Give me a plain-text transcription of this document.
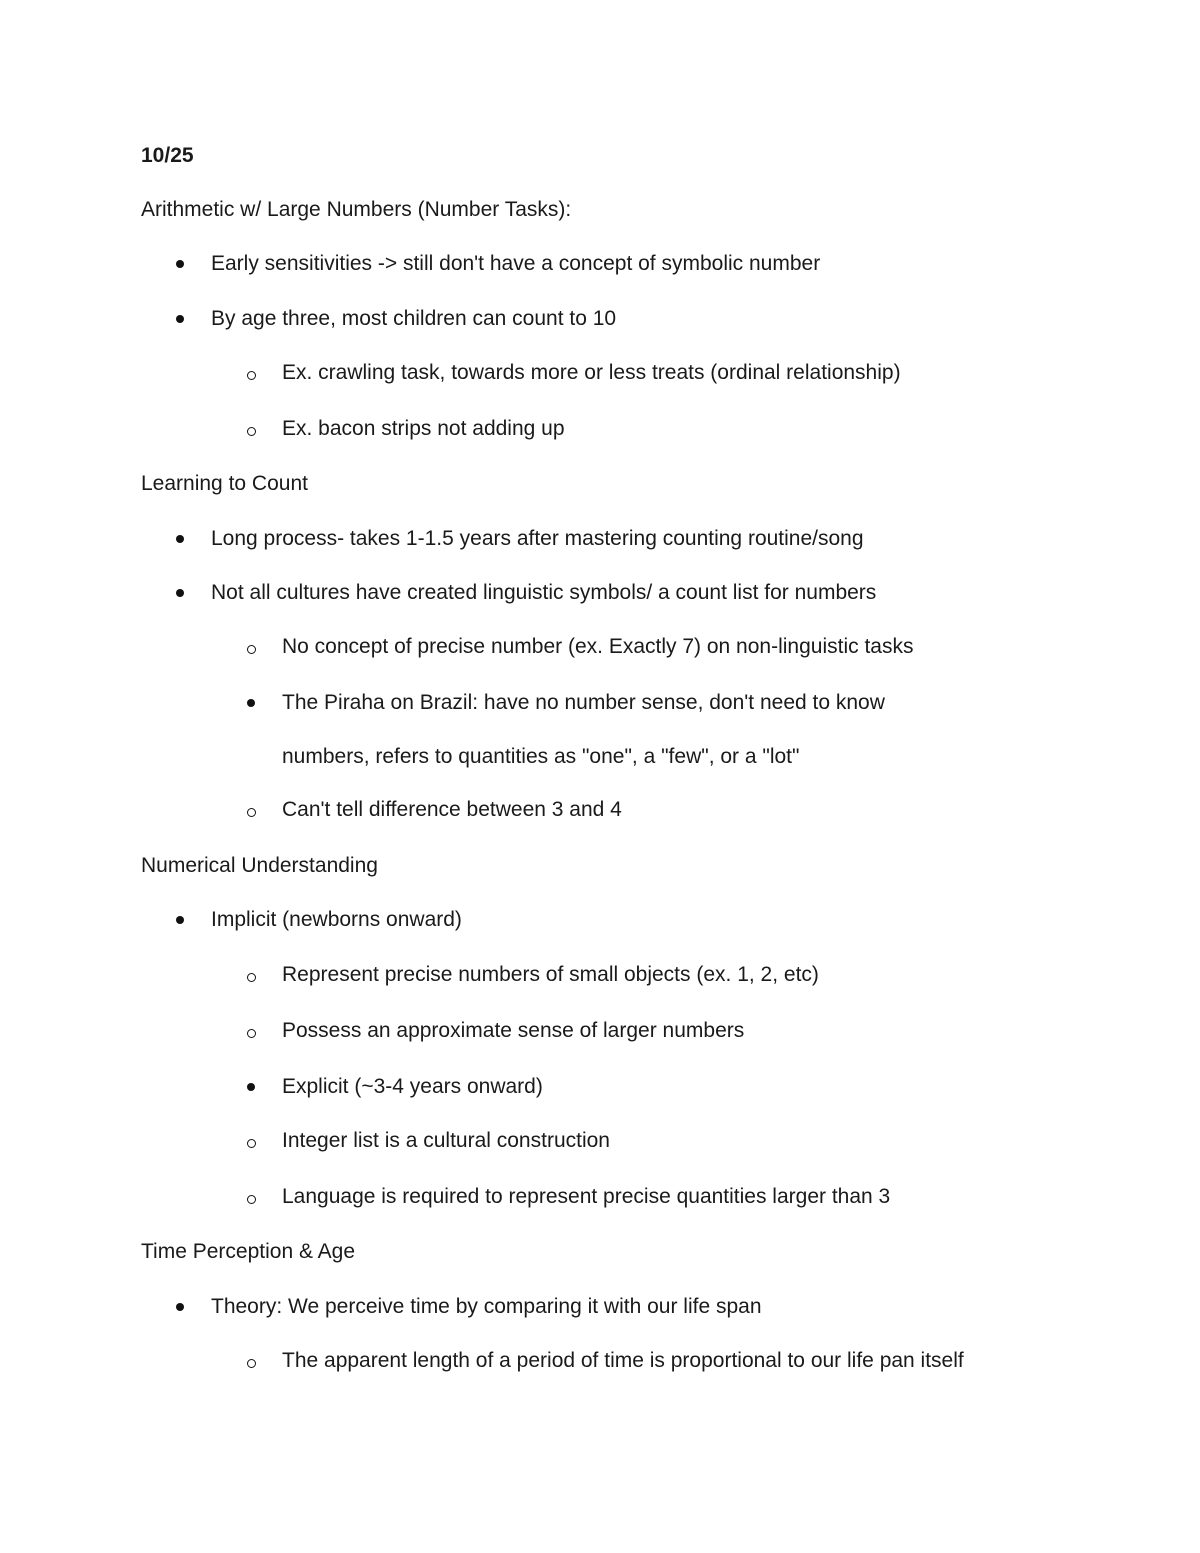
10/25
Arithmetic w/ Large Numbers (Number Tasks):
Early sensitivities -> still don't have a concept of symbolic number
By age three, most children can count to 10
Ex. crawling task, towards more or less treats (ordinal relationship)
Ex. bacon strips not adding up
Learning to Count
Long process- takes 1-1.5 years after mastering counting routine/song
Not all cultures have created linguistic symbols/ a count list for numbers
No concept of precise number (ex. Exactly 7) on non-linguistic tasks
The Piraha on Brazil: have no number sense, don't need to know
numbers, refers to quantities as "one", a "few", or a "lot"
Can't tell difference between 3 and 4
Numerical Understanding
Implicit (newborns onward)
Represent precise numbers of small objects (ex. 1, 2, etc)
Possess an approximate sense of larger numbers
Explicit (~3-4 years onward)
Integer list is a cultural construction
Language is required to represent precise quantities larger than 3
Time Perception & Age
Theory: We perceive time by comparing it with our life span
The apparent length of a period of time is proportional to our life pan itself
